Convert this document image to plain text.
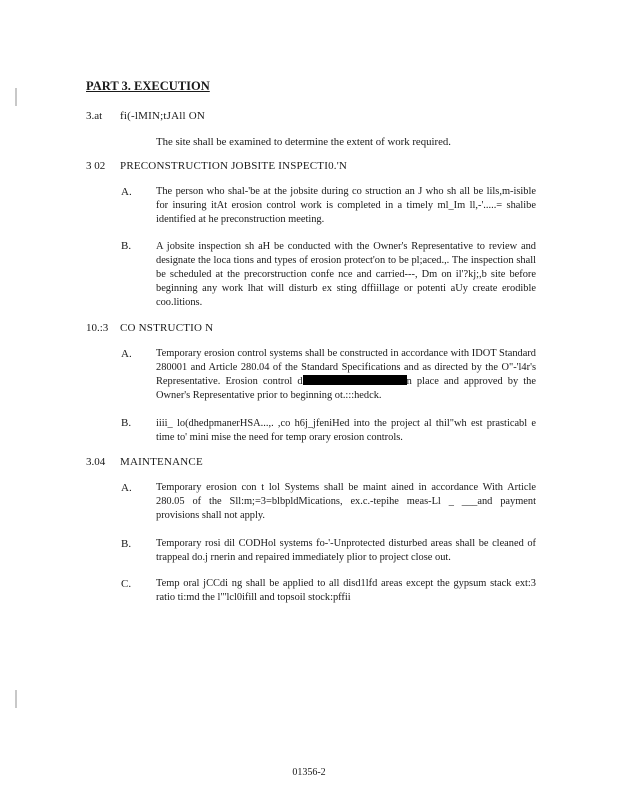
PART 3. EXECUTION
3.at fi(-lMIN;tJAll ON
The site shall be examined to determine the extent of work required.
3 02 PRECONSTRUCTION JOBSITE INSPECTI0.'N
A. The person who shal-'be at the jobsite during co struction an J who sh all be lils,m-isible for insuring itAt erosion control work is completed in a timely ml_Im ll,-'.....= shalibe identified at he preconstruction meeting.

B. A jobsite inspection sh aH be conducted with the Owner's Representative to review and designate the loca tions and types of erosion protect'on to be pl;aced.,. The inspection shall be scheduled at the precorstruction confe nce and carried---, Dm on il'?kj;,b site before beginning any work lhat will disturb ex sting dffiillage or potenti aUy create erodible coo.litions.

10.:3 CO NSTRUCTIO N
A. Temporary erosion control systems shall be constructed in accordance with IDOT Standard 280001 and Article 280.04 of the Standard Specifications and as directed by the O"-'l4r's Representative. Erosion control d	n place and approved by the Owner's Representative prior to beginning ot.:::hedck.

B. iiii_ lo(dhedpmanerHSA...,. ,co h6j_jfeniHed into the project al thil"wh est prasticabl e time to' mini mise the need for temp orary erosion controls.

3.04 MAINTENANCE
A. Temporary erosion con t lol Systems shall be maint ained in accordance With Article 280.05 of the Sll:m;=3=blbpldMications, ex.c.-tepihe meas-Ll _ ___and payment provisions shall not apply.

B. Temporary rosi dil CODHol systems fo-'-Unprotected disturbed areas shall be cleaned of trappeal do.j rnerin and repaired immediately plior to project close out.

C. Temp oral jCCdi ng shall be applied to all disd1lfd areas except the gypsum stack ext:3 ratio ti:md the l"'lcl0ifill and topsoil stock:pffii

01356-2
